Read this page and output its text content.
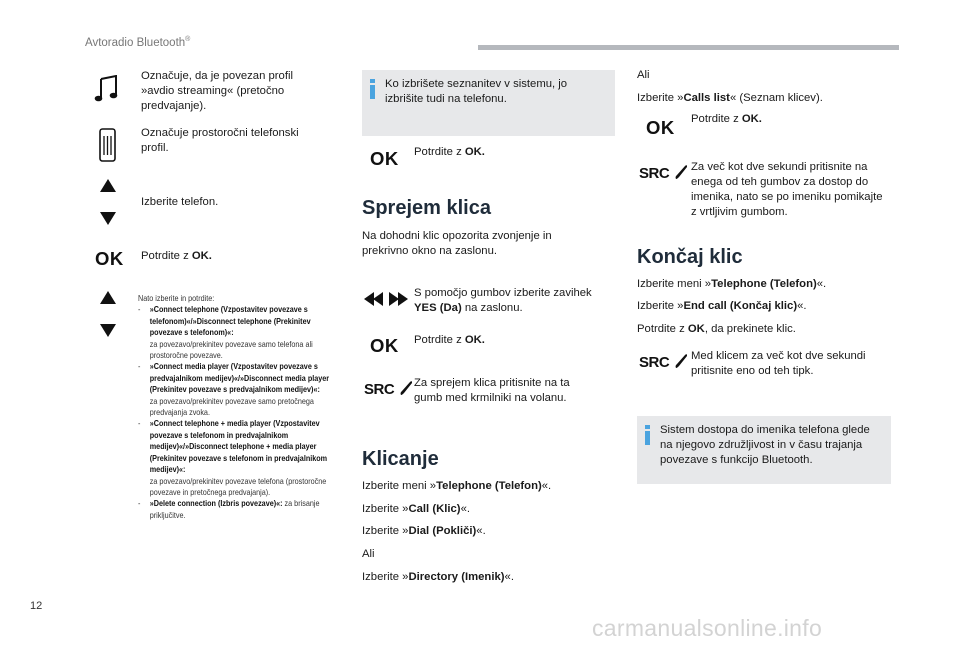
Avtoradio Bluetooth®
Označuje, da je povezan profil »avdio streaming« (pretočno predvajanje).
Označuje prostoročni telefonski profil.
Izberite telefon.
OK Potrdite z OK.
Nato izberite in potrdite:
- »Connect telephone (Vzpostavitev povezave s telefonom)«/»Disconnect telephone (Prekinitev povezave s telefonom)«:
za povezavo/prekinitev povezave samo telefona ali prostoročne povezave.
- »Connect media player (Vzpostavitev povezave s predvajalnikom medijev)«/»Disconnect media player (Prekinitev povezave s predvajalnikom medijev)«:
za povezavo/prekinitev povezave samo pretočnega predvajanja zvoka.
- »Connect telephone + media player (Vzpostavitev povezave s telefonom in predvajalnikom medijev)«/»Disconnect telephone + media player (Prekinitev povezave s telefonom in predvajalnikom medijev)«:
za povezavo/prekinitev povezave telefona (prostoročne povezave in pretočnega predvajanja).
- »Delete connection (Izbris povezave)«: za brisanje priključitve.
Ko izbrišete seznanitev v sistemu, jo izbrišite tudi na telefonu.
OK Potrdite z OK.
Sprejem klica
Na dohodni klic opozorita zvonjenje in prekrivno okno na zaslonu.
S pomočjo gumbov izberite zavihek YES (Da) na zaslonu.
OK Potrdite z OK.
SRC	Za sprejem klica pritisnite na ta gumb med krmilniki na volanu.
Klicanje
Izberite meni »Telephone (Telefon)«.
Izberite »Call (Klic)«.
Izberite »Dial (Pokliči)«.
Ali
Izberite »Directory (Imenik)«.
Ali
Izberite »Calls list« (Seznam klicev).
OK Potrdite z OK.
SRC	Za več kot dve sekundi pritisnite na enega od teh gumbov za dostop do imenika, nato se po imeniku pomikajte z vrtljivim gumbom.
Končaj klic
Izberite meni »Telephone (Telefon)«.
Izberite »End call (Končaj klic)«.
Potrdite z OK, da prekinete klic.
SRC	Med klicem za več kot dve sekundi pritisnite eno od teh tipk.
Sistem dostopa do imenika telefona glede na njegovo združljivost in v času trajanja povezave s funkcijo Bluetooth.
12
carmanualsonline.info
